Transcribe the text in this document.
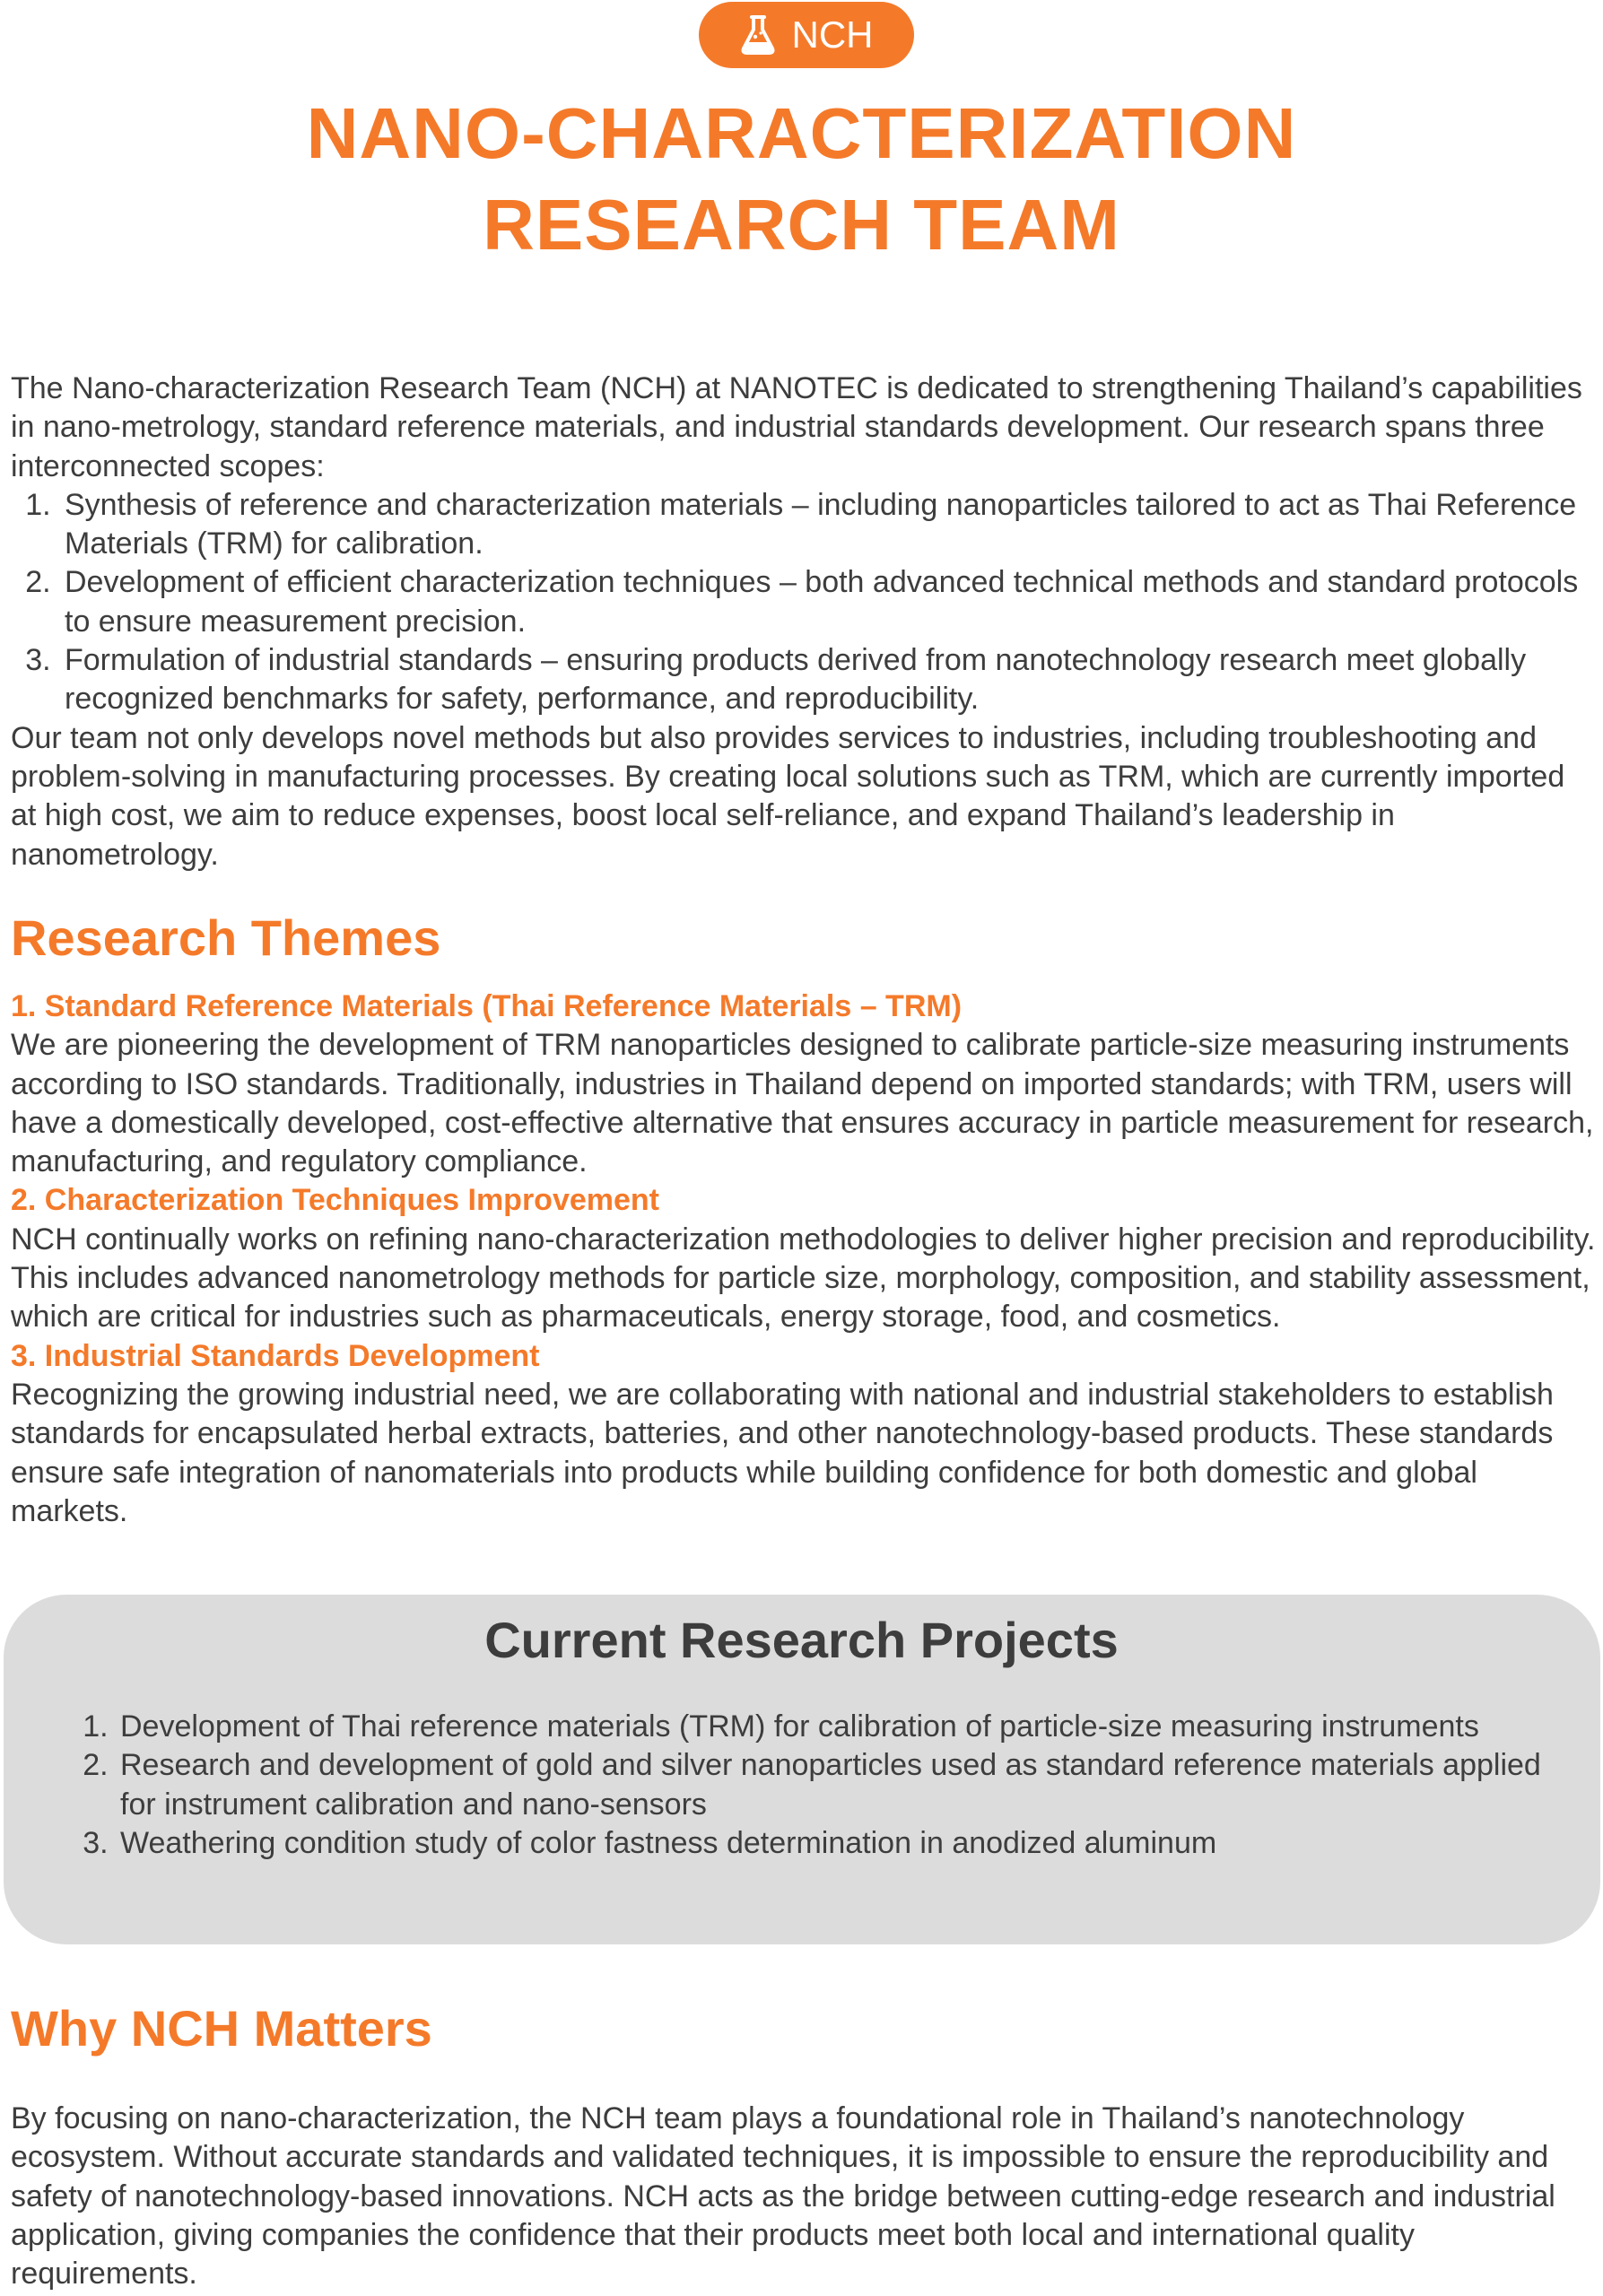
NCH
NANO-CHARACTERIZATION
RESEARCH TEAM

The Nano-characterization Research Team (NCH) at NANOTEC is dedicated to strengthening Thailand’s capabilities in nano-metrology, standard reference materials, and industrial standards development. Our research spans three interconnected scopes:

1. Synthesis of reference and characterization materials – including nanoparticles tailored to act as Thai Reference Materials (TRM) for calibration.
2. Development of efficient characterization techniques – both advanced technical methods and standard protocols to ensure measurement precision.
3. Formulation of industrial standards – ensuring products derived from nanotechnology research meet globally recognized benchmarks for safety, performance, and reproducibility.

Our team not only develops novel methods but also provides services to industries, including troubleshooting and problem-solving in manufacturing processes. By creating local solutions such as TRM, which are currently imported at high cost, we aim to reduce expenses, boost local self-reliance, and expand Thailand’s leadership in nanometrology.

Research Themes
1. Standard Reference Materials (Thai Reference Materials – TRM)

We are pioneering the development of TRM nanoparticles designed to calibrate particle-size measuring instruments according to ISO standards. Traditionally, industries in Thailand depend on imported standards; with TRM, users will have a domestically developed, cost-effective alternative that ensures accuracy in particle measurement for research, manufacturing, and regulatory compliance.

2. Characterization Techniques Improvement

NCH continually works on refining nano-characterization methodologies to deliver higher precision and reproducibility. This includes advanced nanometrology methods for particle size, morphology, composition, and stability assessment, which are critical for industries such as pharmaceuticals, energy storage, food, and cosmetics.

3. Industrial Standards Development

Recognizing the growing industrial need, we are collaborating with national and industrial stakeholders to establish standards for encapsulated herbal extracts, batteries, and other nanotechnology-based products. These standards ensure safe integration of nanomaterials into products while building confidence for both domestic and global markets.

Current Research Projects
1. Development of Thai reference materials (TRM) for calibration of particle-size measuring instruments
2. Research and development of gold and silver nanoparticles used as standard reference materials applied for instrument calibration and nano-sensors
3. Weathering condition study of color fastness determination in anodized aluminum
Why NCH Matters

By focusing on nano-characterization, the NCH team plays a foundational role in Thailand’s nanotechnology ecosystem. Without accurate standards and validated techniques, it is impossible to ensure the reproducibility and safety of nanotechnology-based innovations. NCH acts as the bridge between cutting-edge research and industrial application, giving companies the confidence that their products meet both local and international quality requirements.
